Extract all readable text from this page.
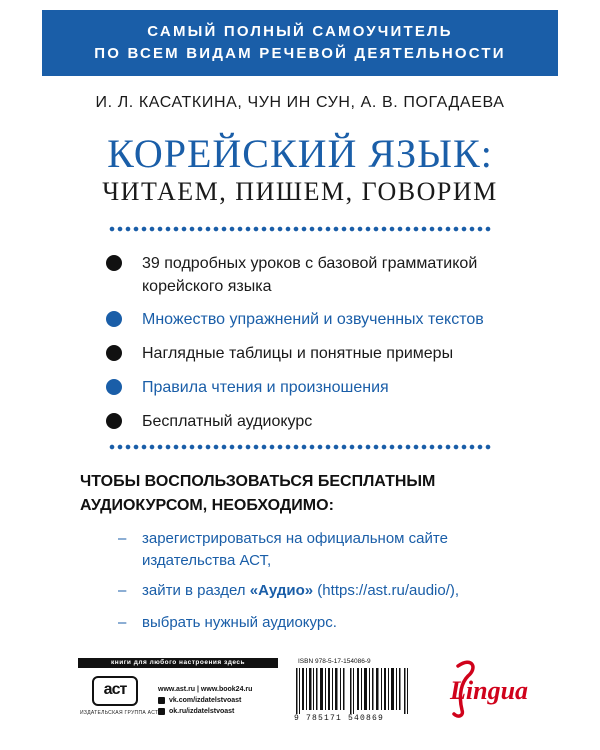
САМЫЙ ПОЛНЫЙ САМОУЧИТЕЛЬ
ПО ВСЕМ ВИДАМ РЕЧЕВОЙ ДЕЯТЕЛЬНОСТИ
И. Л. КАСАТКИНА, ЧУН ИН СУН, А. В. ПОГАДАЕВА
КОРЕЙСКИЙ ЯЗЫК:
ЧИТАЕМ, ПИШЕМ, ГОВОРИМ
39 подробных уроков с базовой грамматикой корейского языка
Множество упражнений и озвученных текстов
Наглядные таблицы и понятные примеры
Правила чтения и произношения
Бесплатный аудиокурс
ЧТОБЫ ВОСПОЛЬЗОВАТЬСЯ БЕСПЛАТНЫМ АУДИОКУРСОМ, НЕОБХОДИМО:
– зарегистрироваться на официальном сайте издательства АСТ,
– зайти в раздел «Аудио» (https://ast.ru/audio/),
– выбрать нужный аудиокурс.
книги для любого настроения здесь
аст
ИЗДАТЕЛЬСКАЯ ГРУППА АСТ
www.ast.ru | www.book24.ru
vk.com/izdatelstvoast
ok.ru/izdatelstvoast
ISBN 978-5-17-154086-9
9 785171 540869
Lingua
